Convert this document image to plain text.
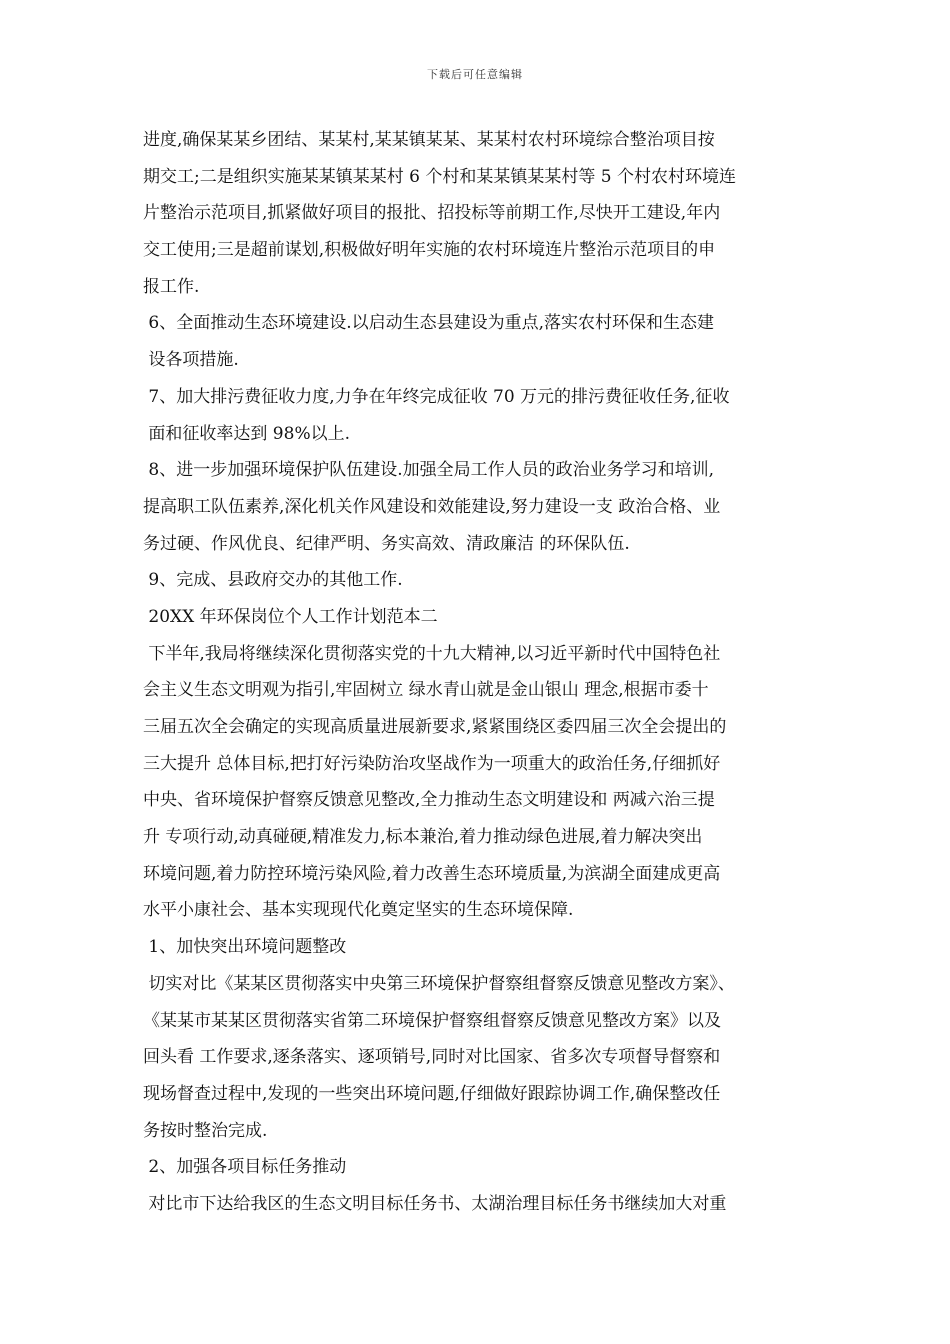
下载后可任意编辑
进度,确保某某乡团结、某某村,某某镇某某、某某村农村环境综合整治项目按
期交工;二是组织实施某某镇某某村 6 个村和某某镇某某村等 5 个村农村环境连
片整治示范项目,抓紧做好项目的报批、招投标等前期工作,尽快开工建设,年内
交工使用;三是超前谋划,积极做好明年实施的农村环境连片整治示范项目的申
报工作.
6、全面推动生态环境建设.以启动生态县建设为重点,落实农村环保和生态建
设各项措施.
7、加大排污费征收力度,力争在年终完成征收 70 万元的排污费征收任务,征收
面和征收率达到 98%以上.
8、进一步加强环境保护队伍建设.加强全局工作人员的政治业务学习和培训,
提高职工队伍素养,深化机关作风建设和效能建设,努力建设一支 政治合格、业
务过硬、作风优良、纪律严明、务实高效、清政廉洁 的环保队伍.
9、完成、县政府交办的其他工作.
20XX 年环保岗位个人工作计划范本二
下半年,我局将继续深化贯彻落实党的十九大精神,以习近平新时代中国特色社
会主义生态文明观为指引,牢固树立 绿水青山就是金山银山 理念,根据市委十
三届五次全会确定的实现高质量进展新要求,紧紧围绕区委四届三次全会提出的
三大提升 总体目标,把打好污染防治攻坚战作为一项重大的政治任务,仔细抓好
中央、省环境保护督察反馈意见整改,全力推动生态文明建设和 两减六治三提
升 专项行动,动真碰硬,精准发力,标本兼治,着力推动绿色进展,着力解决突出
环境问题,着力防控环境污染风险,着力改善生态环境质量,为滨湖全面建成更高
水平小康社会、基本实现现代化奠定坚实的生态环境保障.
1、加快突出环境问题整改
切实对比《某某区贯彻落实中央第三环境保护督察组督察反馈意见整改方案》、
《某某市某某区贯彻落实省第二环境保护督察组督察反馈意见整改方案》以及
回头看 工作要求,逐条落实、逐项销号,同时对比国家、省多次专项督导督察和
现场督查过程中,发现的一些突出环境问题,仔细做好跟踪协调工作,确保整改任
务按时整治完成.
2、加强各项目标任务推动
对比市下达给我区的生态文明目标任务书、太湖治理目标任务书继续加大对重
